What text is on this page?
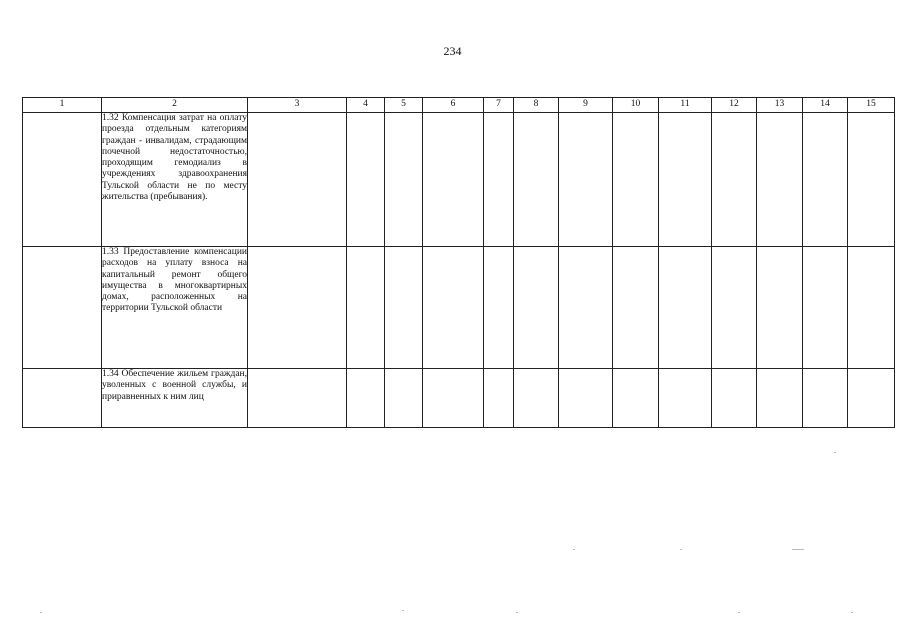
234
1	2	3	4	5	6	7	8	9	10	11	12	13	14	15

	1.32 Компенсация затрат на оплату проезда отдельным категориям граждан - инвалидам, страдающим почечной недостаточностью, проходящим гемодиализ в учреждениях здравоохранения Тульской области не по месту жительства (пребывания).													

	1.33 Предоставление компенсации расходов на уплату взноса на капитальный ремонт общего имущества в многоквартирных домах, расположенных на территории Тульской области													

	1.34 Обеспечение жильем граждан, уволенных с военной службы, и приравненных к ним лиц													
